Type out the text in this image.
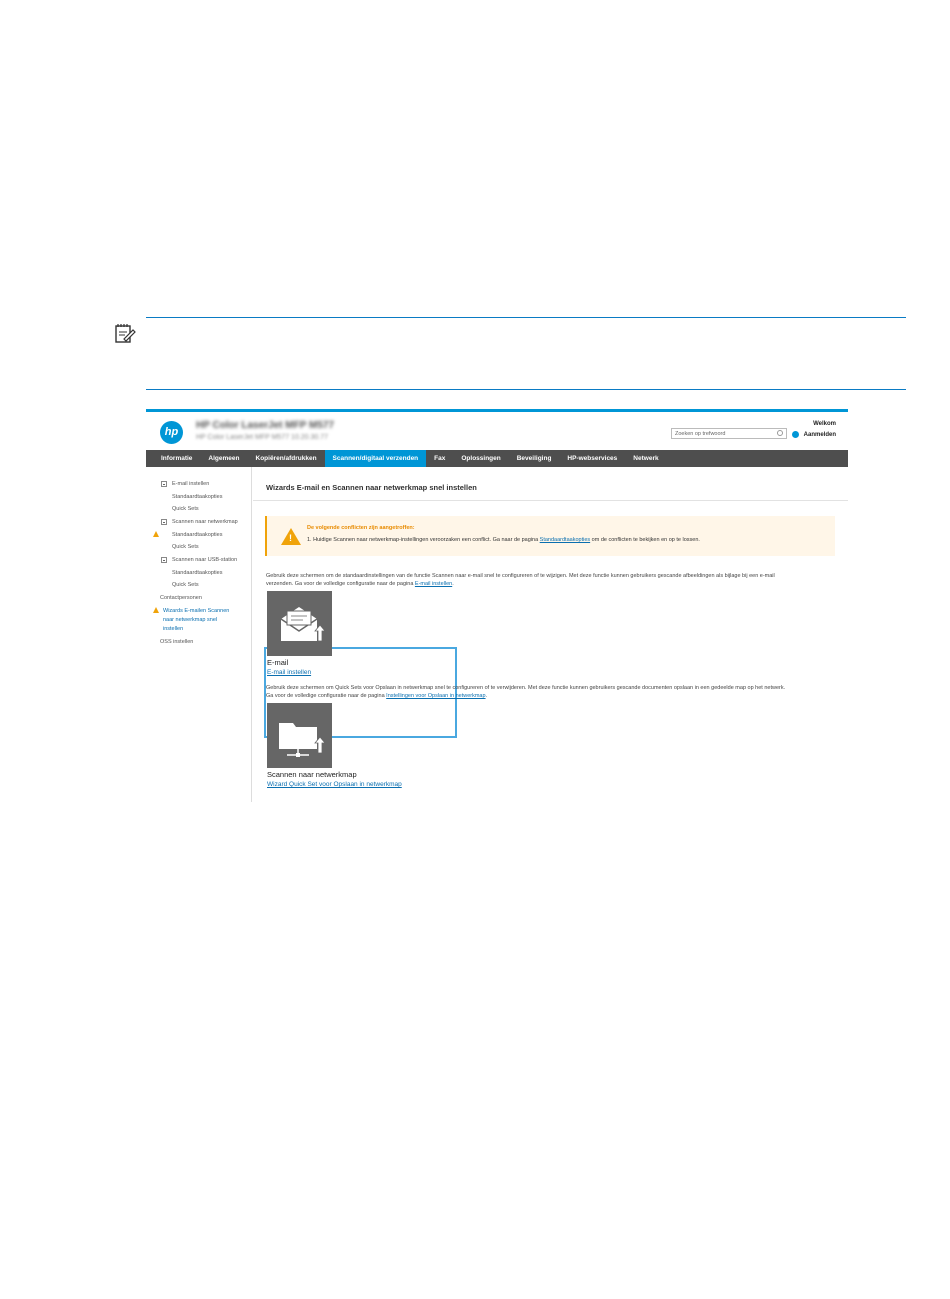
hp
HP Color LaserJet MFP M577
HP Color LaserJet MFP M577 10.20.30.77	Zoeken op trefwoord
Welkom
Aanmelden
Informatie	Algemeen	Kopiëren/afdrukken	Scannen/digitaal verzenden	Fax	Oplossingen	Beveiliging	HP-webservices	Netwerk
E-mail instellen
Standaardtaakopties
Quick Sets
Scannen naar netwerkmap
Standaardtaakopties
Quick Sets
Scannen naar USB-station
Standaardtaakopties
Quick Sets
Contactpersonen
Wizards E-mailen Scannen
naar netwerkmap snel
instellen
OSS instellen
Wizards E-mail en Scannen naar netwerkmap snel instellen
!
De volgende conflicten zijn aangetroffen:
1. Huidige Scannen naar netwerkmap-instellingen veroorzaken een conflict. Ga naar de pagina Standaardtaakopties om de conflicten te bekijken en op te lossen.
Gebruik deze schermen om de standaardinstellingen van de functie Scannen naar e-mail snel te configureren of te wijzigen. Met deze functie kunnen gebruikers gescande afbeeldingen als bijlage bij een e-mail
verzenden. Ga voor de volledige configuratie naar de pagina E-mail instellen.
E-mail
E-mail instellen
Gebruik deze schermen om Quick Sets voor Opslaan in netwerkmap snel te configureren of te verwijderen. Met deze functie kunnen gebruikers gescande documenten opslaan in een gedeelde map op het netwerk.
Ga voor de volledige configuratie naar de pagina Instellingen voor Opslaan in netwerkmap.
Scannen naar netwerkmap
Wizard Quick Set voor Opslaan in netwerkmap
